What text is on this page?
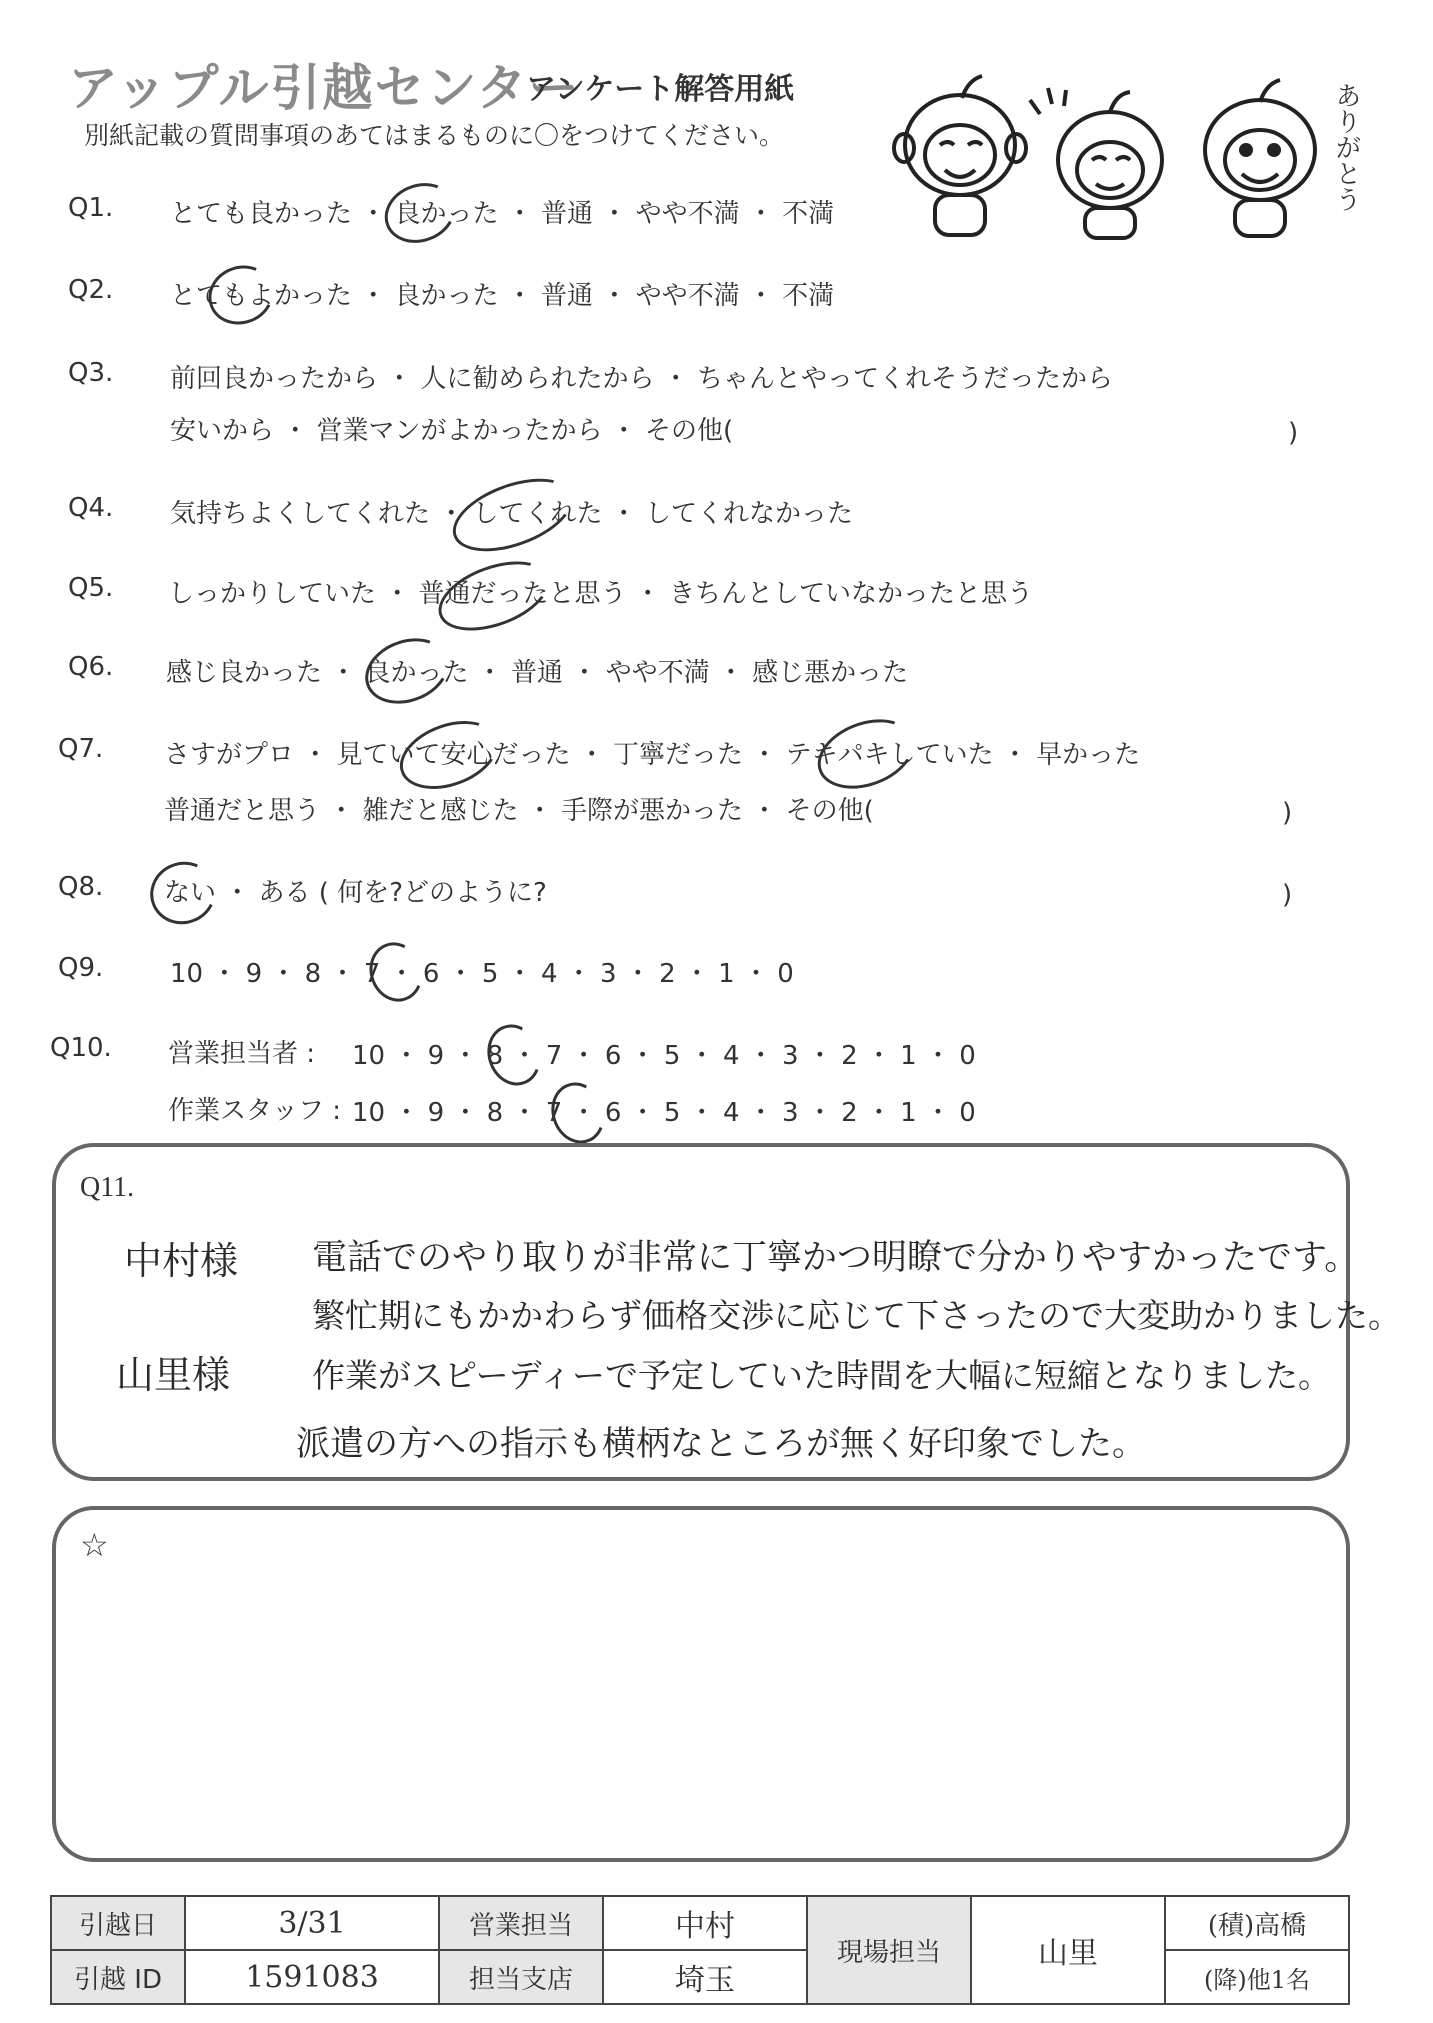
アップル引越センター
アンケート解答用紙
別紙記載の質問事項のあてはまるものに〇をつけてください。	ありがとう
Q1. とても良かった ・ 良かった ・ 普通 ・ やや不満 ・ 不満
Q2. とてもよかった ・ 良かった ・ 普通 ・ やや不満 ・ 不満
Q3. 前回良かったから ・ 人に勧められたから ・ ちゃんとやってくれそうだったから
安いから ・ 営業マンがよかったから ・ その他(	)
Q4. 気持ちよくしてくれた ・ してくれた ・ してくれなかった
Q5. しっかりしていた ・ 普通だったと思う ・ きちんとしていなかったと思う
Q6. 感じ良かった ・ 良かった ・ 普通 ・ やや不満 ・ 感じ悪かった
Q7. さすがプロ ・ 見ていて安心だった ・ 丁寧だった ・ テキパキしていた ・ 早かった
普通だと思う ・ 雑だと感じた ・ 手際が悪かった ・ その他(	)
Q8. ない ・ ある ( 何を?どのように?	)
Q9.	10 ・ 9 ・ 8 ・ 7 ・ 6 ・ 5 ・ 4 ・ 3 ・ 2 ・ 1 ・ 0
Q10. 営業担当者 : 10 ・ 9 ・ 8 ・ 7 ・ 6 ・ 5 ・ 4 ・ 3 ・ 2 ・ 1 ・ 0
作業スタッフ : 10 ・ 9 ・ 8 ・ 7 ・ 6 ・ 5 ・ 4 ・ 3 ・ 2 ・ 1 ・ 0
Q11.
中村様 電話でのやり取りが非常に丁寧かつ明瞭で分かりやすかったです。
繁忙期にもかかわらず価格交渉に応じて下さったので大変助かりました。
山里様 作業がスピーディーで予定していた時間を大幅に短縮となりました。
派遣の方への指示も横柄なところが無く好印象でした。
☆
引越日	3/31	営業担当	中村	現場担当	山里	(積)高橋
引越 ID	1591083	担当支店	埼玉			(降)他1名
